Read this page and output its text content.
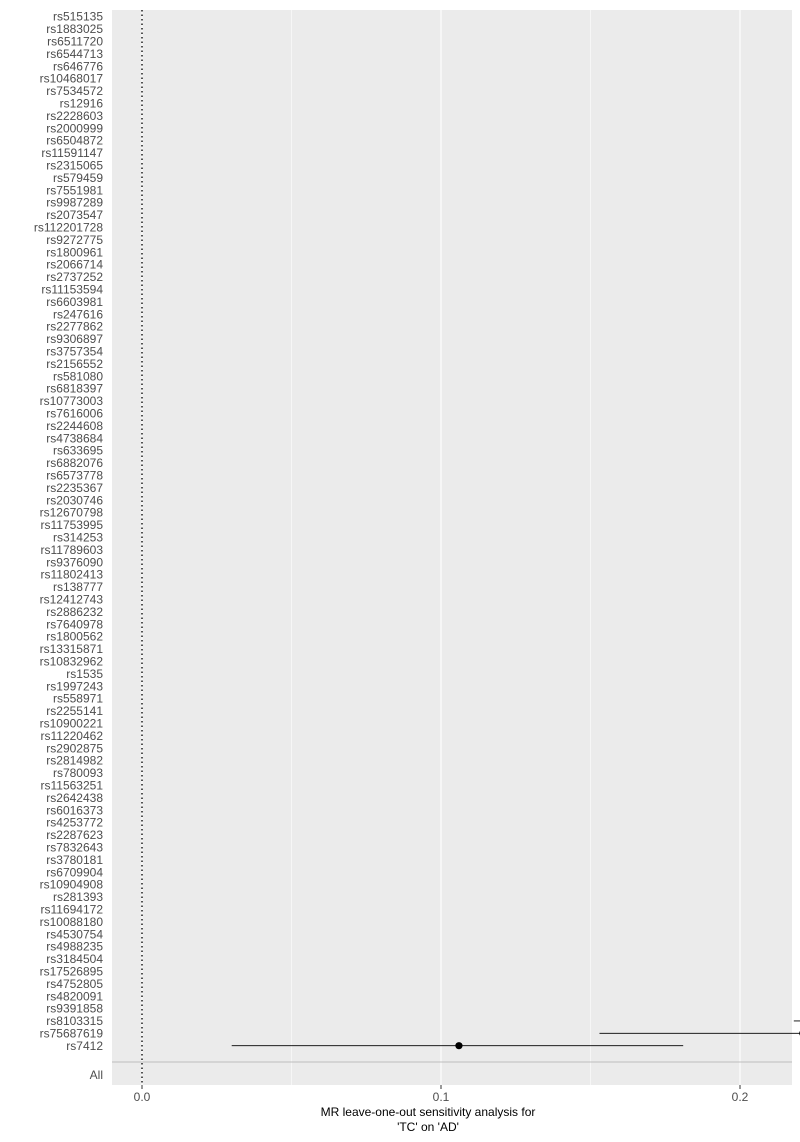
rs515135
rs1883025
rs6511720
rs6544713
rs646776
rs10468017
rs7534572
rs12916
rs2228603
rs2000999
rs6504872
rs11591147
rs2315065
rs579459
rs7551981
rs9987289
rs2073547
rs112201728
rs9272775
rs1800961
rs2066714
rs2737252
rs11153594
rs6603981
rs247616
rs2277862
rs9306897
rs3757354
rs2156552
rs581080
rs6818397
rs10773003
rs7616006
rs2244608
rs4738684
rs633695
rs6882076
rs6573778
rs2235367
rs2030746
rs12670798
rs11753995
rs314253
rs11789603
rs9376090
rs11802413
rs138777
rs12412743
rs2886232
rs7640978
rs1800562
rs13315871
rs10832962
rs1535
rs1997243
rs558971
rs2255141
rs10900221
rs11220462
rs2902875
rs2814982
rs780093
rs11563251
rs2642438
rs6016373
rs4253772
rs2287623
rs7832643
rs3780181
rs6709904
rs10904908
rs281393
rs11694172
rs10088180
rs4530754
rs4988235
rs3184504
rs17526895
rs4752805
rs4820091
rs9391858
rs8103315
rs75687619
rs7412
All
0.0	0.1	0.2
MR leave-one-out sensitivity analysis for
'TC' on 'AD'
